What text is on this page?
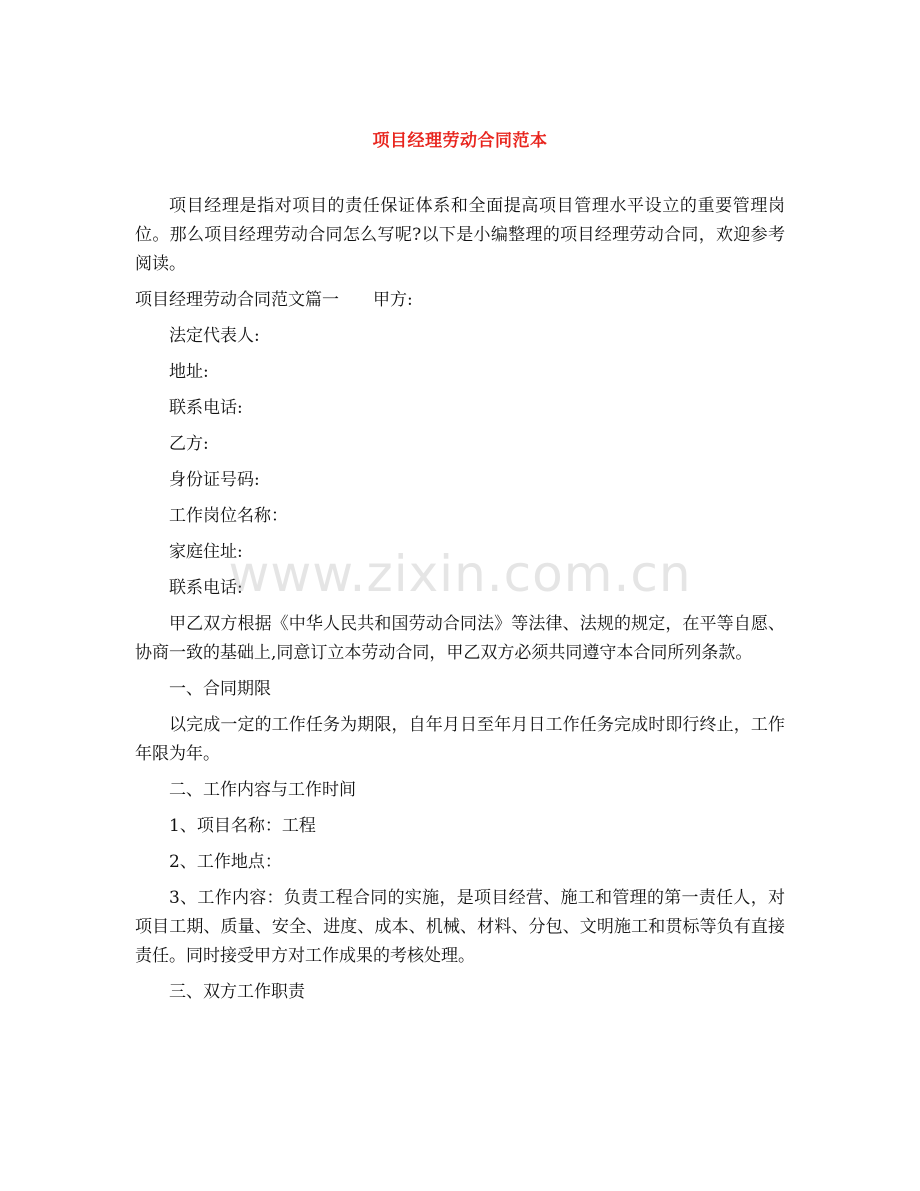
项目经理劳动合同范本

项目经理是指对项目的责任保证体系和全面提高项目管理水平设立的重要管理岗位。那么项目经理劳动合同怎么写呢?以下是小编整理的项目经理劳动合同，欢迎参考阅读。

项目经理劳动合同范文篇一 甲方:

法定代表人:

地址:

联系电话:

乙方:

身份证号码:

工作岗位名称：

家庭住址:

联系电话:

甲乙双方根据《中华人民共和国劳动合同法》等法律、法规的规定，在平等自愿、协商一致的基础上,同意订立本劳动合同，甲乙双方必须共同遵守本合同所列条款。

一、合同期限

以完成一定的工作任务为期限，自年月日至年月日工作任务完成时即行终止，工作年限为年。

二、工作内容与工作时间

1、项目名称：工程

2、工作地点：

3、工作内容：负责工程合同的实施，是项目经营、施工和管理的第一责任人，对项目工期、质量、安全、进度、成本、机械、材料、分包、文明施工和贯标等负有直接责任。同时接受甲方对工作成果的考核处理。

三、双方工作职责

www.zixin.com.cn
